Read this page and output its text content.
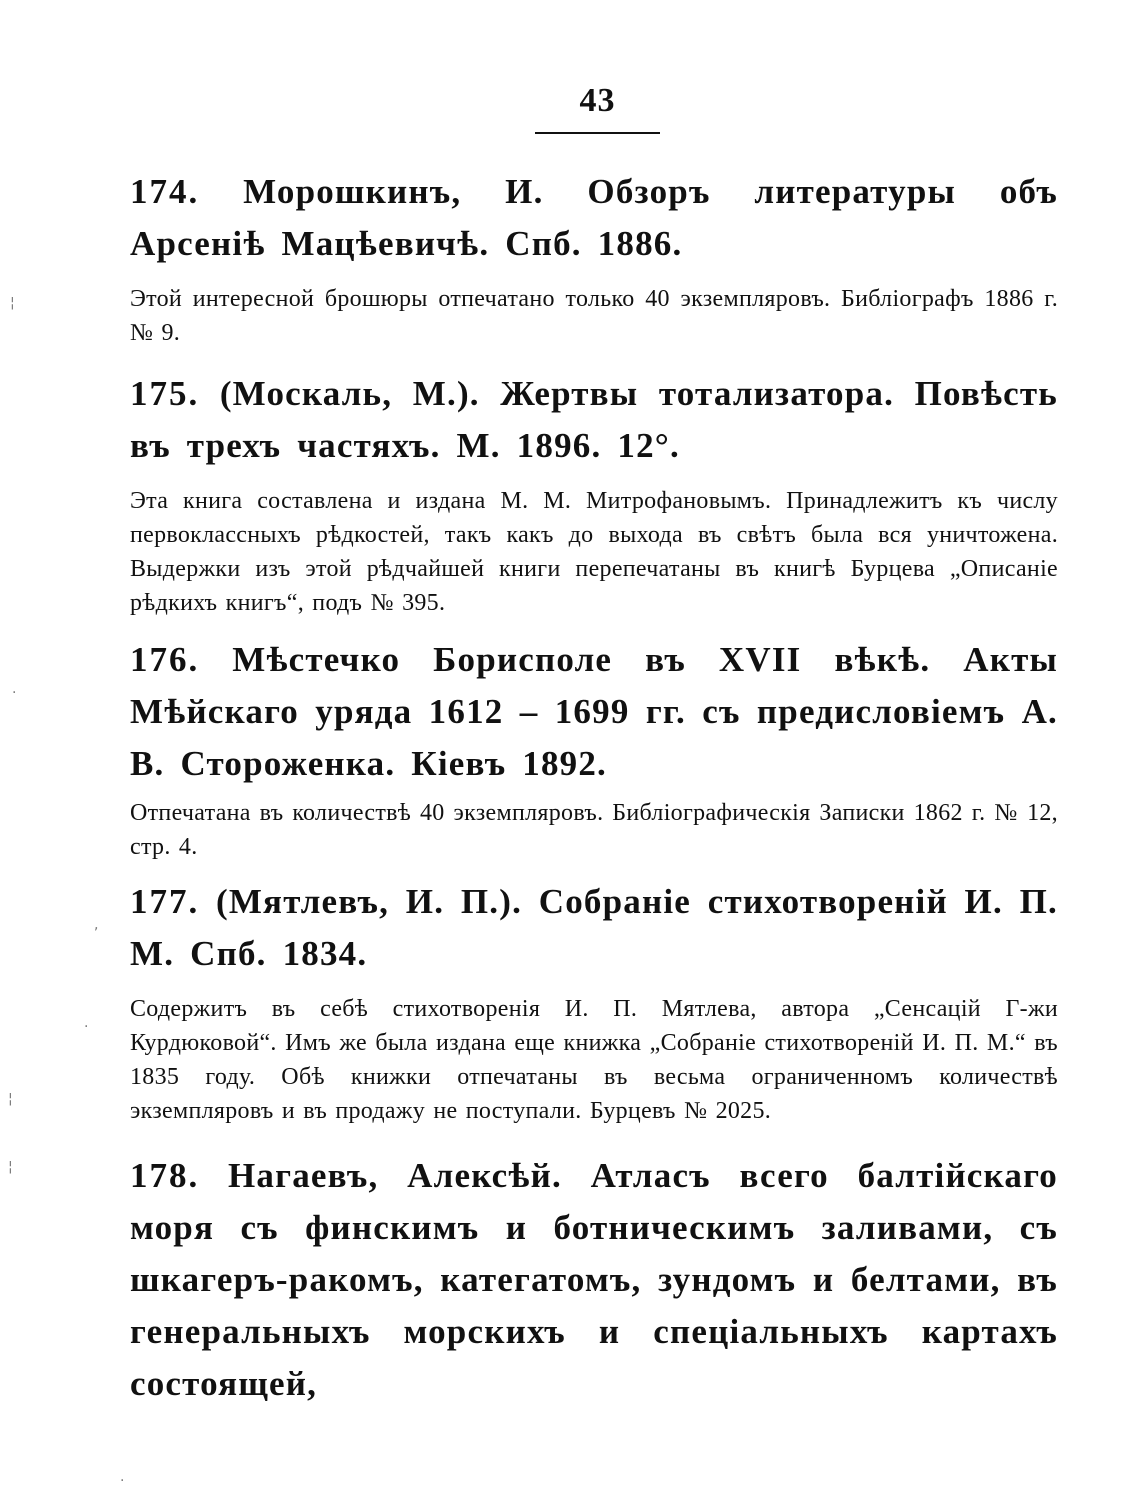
43
174. Морошкинъ, И. Обзоръ литературы объ Арсеніѣ Мацѣевичѣ. Спб. 1886.
Этой интересной брошюры отпечатано только 40 экземпляровъ. Библіографъ 1886 г. № 9.
175. (Москаль, М.). Жертвы тотализатора. Повѣсть въ трехъ частяхъ. М. 1896. 12°.
Эта книга составлена и издана М. М. Митрофановымъ. Принадлежитъ къ числу первоклассныхъ рѣдкостей, такъ какъ до выхода въ свѣтъ была вся уничтожена. Выдержки изъ этой рѣдчайшей книги перепечатаны въ книгѣ Бурцева „Описаніе рѣдкихъ книгъ“, подъ № 395.
176. Мѣстечко Борисполе въ XVII вѣкѣ. Акты Мѣйскаго уряда 1612 – 1699 гг. съ предисловіемъ А. В. Стороженка. Кіевъ 1892.
Отпечатана въ количествѣ 40 экземпляровъ. Библіографическія Записки 1862 г. № 12, стр. 4.
177. (Мятлевъ, И. П.). Собраніе стихотвореній И. П. М. Спб. 1834.
Содержитъ въ себѣ стихотворенія И. П. Мятлева, автора „Сенсацій Г-жи Курдюковой“. Имъ же была издана еще книжка „Собраніе стихотвореній И. П. М.“ въ 1835 году. Обѣ книжки отпечатаны въ весьма ограниченномъ количествѣ экземпляровъ и въ продажу не поступали. Бурцевъ № 2025.
178. Нагаевъ, Алексѣй. Атласъ всего балтійскаго моря съ финскимъ и ботническимъ заливами, съ шкагеръ-ракомъ, категатомъ, зундомъ и белтами, въ генеральныхъ морскихъ и спеціальныхъ картахъ состоящей,
¦
·
,
·
¦
¦
·
